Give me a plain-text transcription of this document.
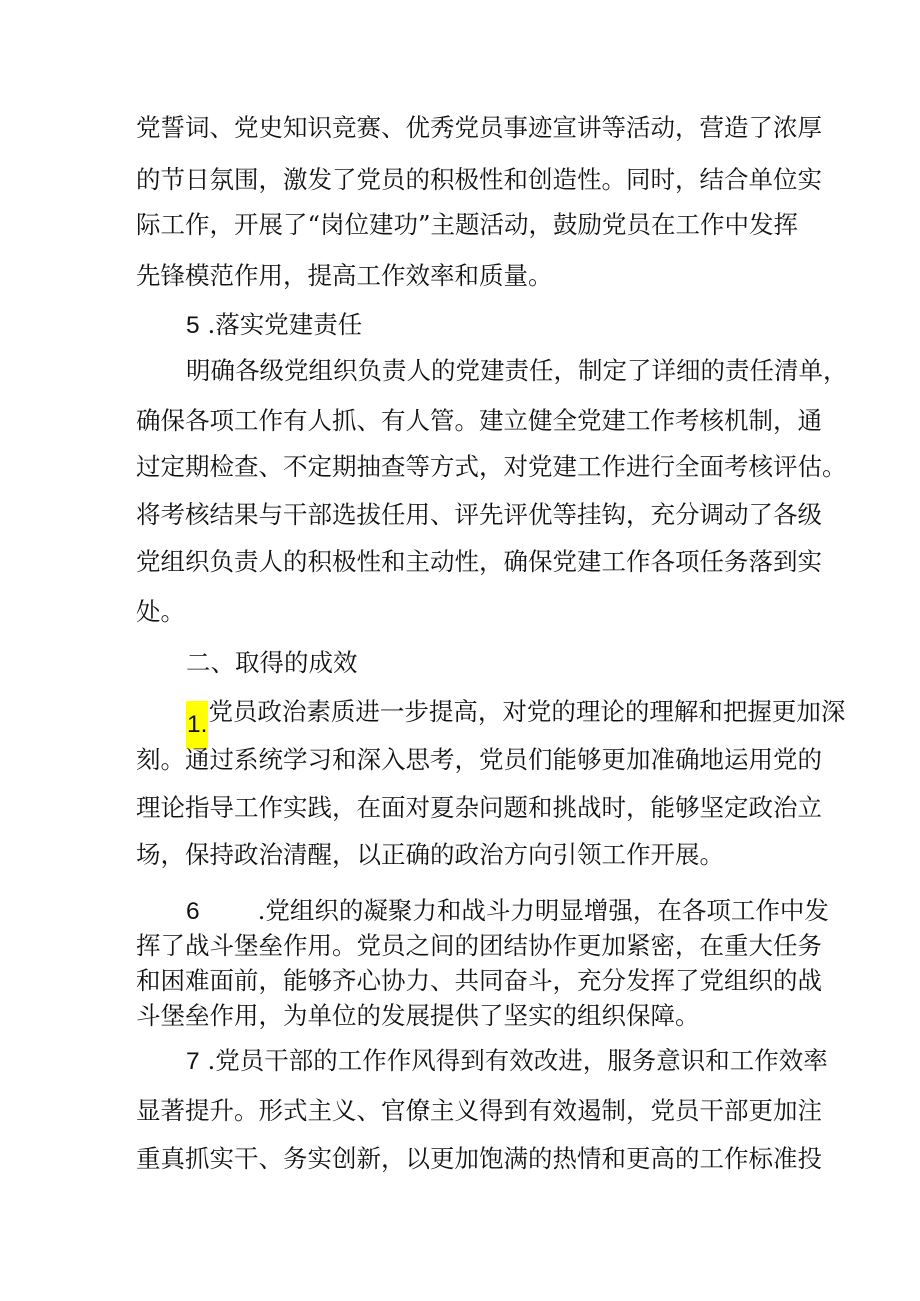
党誓词、党史知识竞赛、优秀党员事迹宣讲等活动，营造了浓厚
的节日氛围，激发了党员的积极性和创造性。同时，结合单位实
际工作，开展了“岗位建功”主题活动，鼓励党员在工作中发挥
先锋模范作用，提高工作效率和质量。
5 .落实党建责任
明确各级党组织负责人的党建责任，制定了详细的责任清单，
确保各项工作有人抓、有人管。建立健全党建工作考核机制，通
过定期检查、不定期抽查等方式，对党建工作进行全面考核评估。
将考核结果与干部选拔任用、评先评优等挂钩，充分调动了各级
党组织负责人的积极性和主动性，确保党建工作各项任务落到实
处。
二、取得的成效
1.党员政治素质进一步提高，对党的理论的理解和把握更加深
刻。通过系统学习和深入思考，党员们能够更加准确地运用党的
理论指导工作实践，在面对夏杂问题和挑战时，能够坚定政治立
场，保持政治清醒，以正确的政治方向引领工作开展。
6 .党组织的凝聚力和战斗力明显增强，在各项工作中发
挥了战斗堡垒作用。党员之间的团结协作更加紧密，在重大任务
和困难面前，能够齐心协力、共同奋斗，充分发挥了党组织的战
斗堡垒作用，为单位的发展提供了坚实的组织保障。
7 .党员干部的工作作风得到有效改进，服务意识和工作效率
显著提升。形式主义、官僚主义得到有效遏制，党员干部更加注
重真抓实干、务实创新，以更加饱满的热情和更高的工作标准投
